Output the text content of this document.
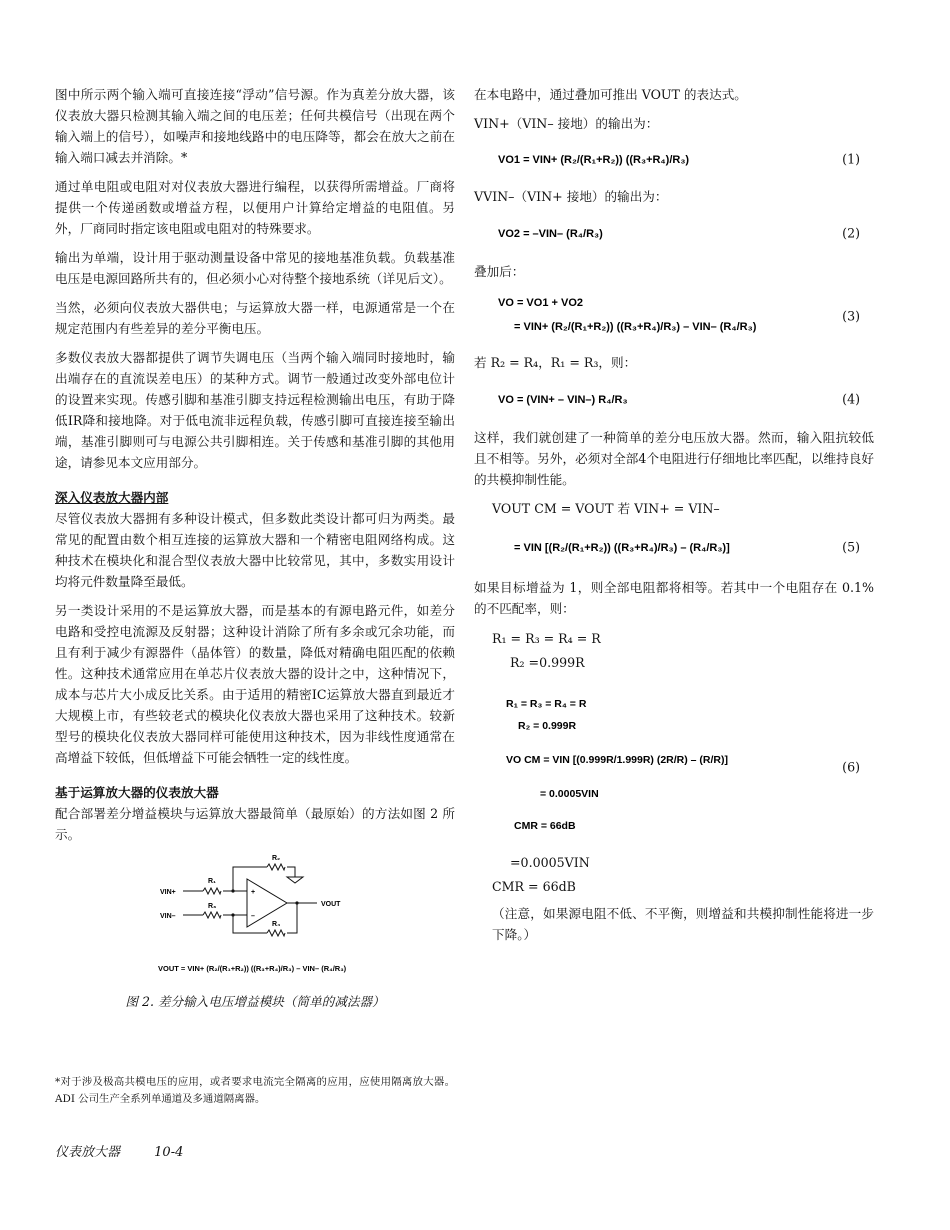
图中所示两个输入端可直接连接“浮动”信号源。作为真差分放大器，该仪表放大器只检测其输入端之间的电压差；任何共模信号（出现在两个输入端上的信号），如噪声和接地线路中的电压降等，都会在放大之前在输入端口减去并消除。*

通过单电阻或电阻对对仪表放大器进行编程，以获得所需增益。厂商将提供一个传递函数或增益方程，以便用户计算给定增益的电阻值。另外，厂商同时指定该电阻或电阻对的特殊要求。

输出为单端，设计用于驱动测量设备中常见的接地基准负载。负载基准电压是电源回路所共有的，但必须小心对待整个接地系统（详见后文）。

当然，必须向仪表放大器供电；与运算放大器一样，电源通常是一个在规定范围内有些差异的差分平衡电压。

多数仪表放大器都提供了调节失调电压（当两个输入端同时接地时，输出端存在的直流误差电压）的某种方式。调节一般通过改变外部电位计的设置来实现。传感引脚和基准引脚支持远程检测输出电压，有助于降低IR降和接地降。对于低电流非远程负载，传感引脚可直接连接至输出端，基准引脚则可与电源公共引脚相连。关于传感和基准引脚的其他用途，请参见本文应用部分。

深入仪表放大器内部

尽管仪表放大器拥有多种设计模式，但多数此类设计都可归为两类。最常见的配置由数个相互连接的运算放大器和一个精密电阻网络构成。这种技术在模块化和混合型仪表放大器中比较常见，其中，多数实用设计均将元件数量降至最低。

另一类设计采用的不是运算放大器，而是基本的有源电路元件，如差分电路和受控电流源及反射器；这种设计消除了所有多余或冗余功能，而且有利于减少有源器件（晶体管）的数量，降低对精确电阻匹配的依赖性。这种技术通常应用在单芯片仪表放大器的设计之中，这种情况下，成本与芯片大小成反比关系。由于适用的精密IC运算放大器直到最近才大规模上市，有些较老式的模块化仪表放大器也采用了这种技术。较新型号的模块化仪表放大器同样可能使用这种技术，因为非线性度通常在高增益下较低，但低增益下可能会牺牲一定的线性度。

基于运算放大器的仪表放大器

配合部署差分增益模块与运算放大器最简单（最原始）的方法如图 2 所示。

+
–
R₂
R₁
R₃
R₄
VIN+
VIN–
VOUT
VOUT = VIN+ (R₂/(R₁+R₂)) ((R₃+R₄)/R₃) – VIN– (R₄/R₃)
图 2. 差分输入电压增益模块（简单的减法器）

在本电路中，通过叠加可推出 VOUT 的表达式。

VIN+（VIN– 接地）的输出为：

VO1 = VIN+ (R₂/(R₁+R₂)) ((R₃+R₄)/R₃)	(1)

VVIN–（VIN+ 接地）的输出为：

VO2 = –VIN– (R₄/R₃)	(2)

叠加后：

VO = VO1 + VO2
= VIN+ (R₂/(R₁+R₂)) ((R₃+R₄)/R₃) – VIN– (R₄/R₃)
(3)

若 R₂ = R₄，R₁ = R₃，则：

VO = (VIN+ – VIN–) R₄/R₃	(4)

这样，我们就创建了一种简单的差分电压放大器。然而，输入阻抗较低且不相等。另外，必须对全部4个电阻进行仔细地比率匹配，以维持良好的共模抑制性能。

VOUT CM = VOUT 若 VIN+ = VIN–

= VIN [(R₂/(R₁+R₂)) ((R₃+R₄)/R₃) – (R₄/R₃)]	(5)

如果目标增益为 1，则全部电阻都将相等。若其中一个电阻存在 0.1% 的不匹配率，则：

R₁ = R₃ = R₄ = R
R₂ =0.999R
R₁ = R₃ = R₄ = R
R₂ = 0.999R
VO CM = VIN [(0.999R/1.999R) (2R/R) – (R/R)]
= 0.0005VIN
CMR = 66dB
(6)
=0.0005VIN
CMR = 66dB

（注意，如果源电阻不低、不平衡，则增益和共模抑制性能将进一步下降。）

*对于涉及极高共模电压的应用，或者要求电流完全隔离的应用，应使用隔离放大器。ADI 公司生产全系列单通道及多通道隔离器。

仪表放大器	10-4
